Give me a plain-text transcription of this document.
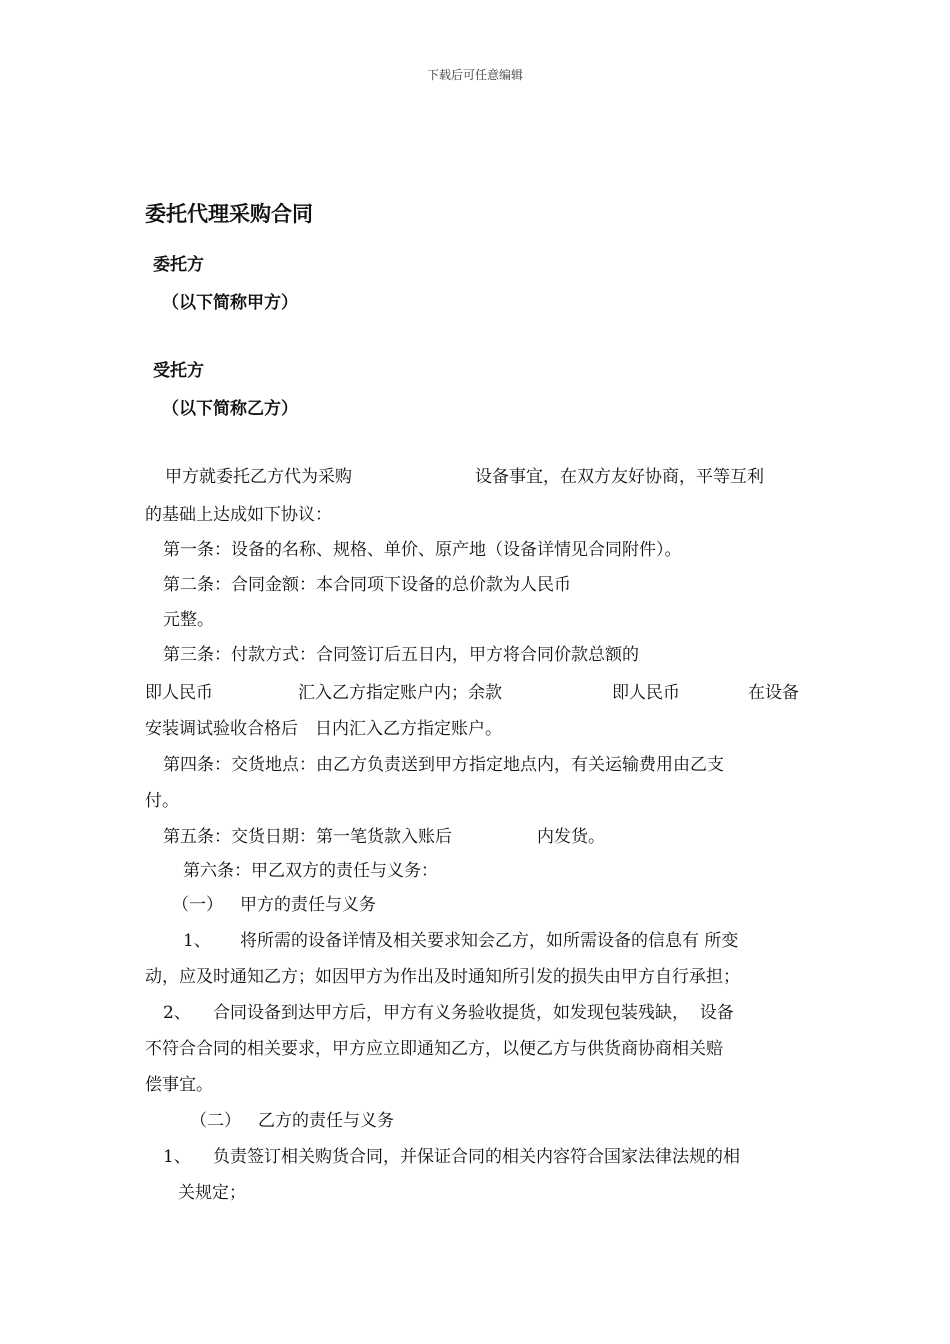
下载后可任意编辑
委托代理采购合同
委托方
（以下简称甲方）
受托方
（以下简称乙方）
甲方就委托乙方代为采购	设备事宜，在双方友好协商，平等互利
的基础上达成如下协议：
第一条：设备的名称、规格、单价、原产地（设备详情见合同附件）。
第二条：合同金额：本合同项下设备的总价款为人民币
元整。
第三条：付款方式：合同签订后五日内，甲方将合同价款总额的
即人民币	汇入乙方指定账户内；余款	即人民币	在设备
安装调试验收合格后　日内汇入乙方指定账户。
第四条：交货地点：由乙方负责送到甲方指定地点内，有关运输费用由乙支
付。
第五条：交货日期：第一笔货款入账后	内发货。
第六条：甲乙双方的责任与义务：
（一） 甲方的责任与义务
1、 将所需的设备详情及相关要求知会乙方，如所需设备的信息有 所变
动，应及时通知乙方；如因甲方为作出及时通知所引发的损失由甲方自行承担；
2、 合同设备到达甲方后，甲方有义务验收提货，如发现包装残缺，  设备
不符合合同的相关要求，甲方应立即通知乙方，以便乙方与供货商协商相关赔
偿事宜。
（二） 乙方的责任与义务
1、 负责签订相关购货合同，并保证合同的相关内容符合国家法律法规的相
关规定；
